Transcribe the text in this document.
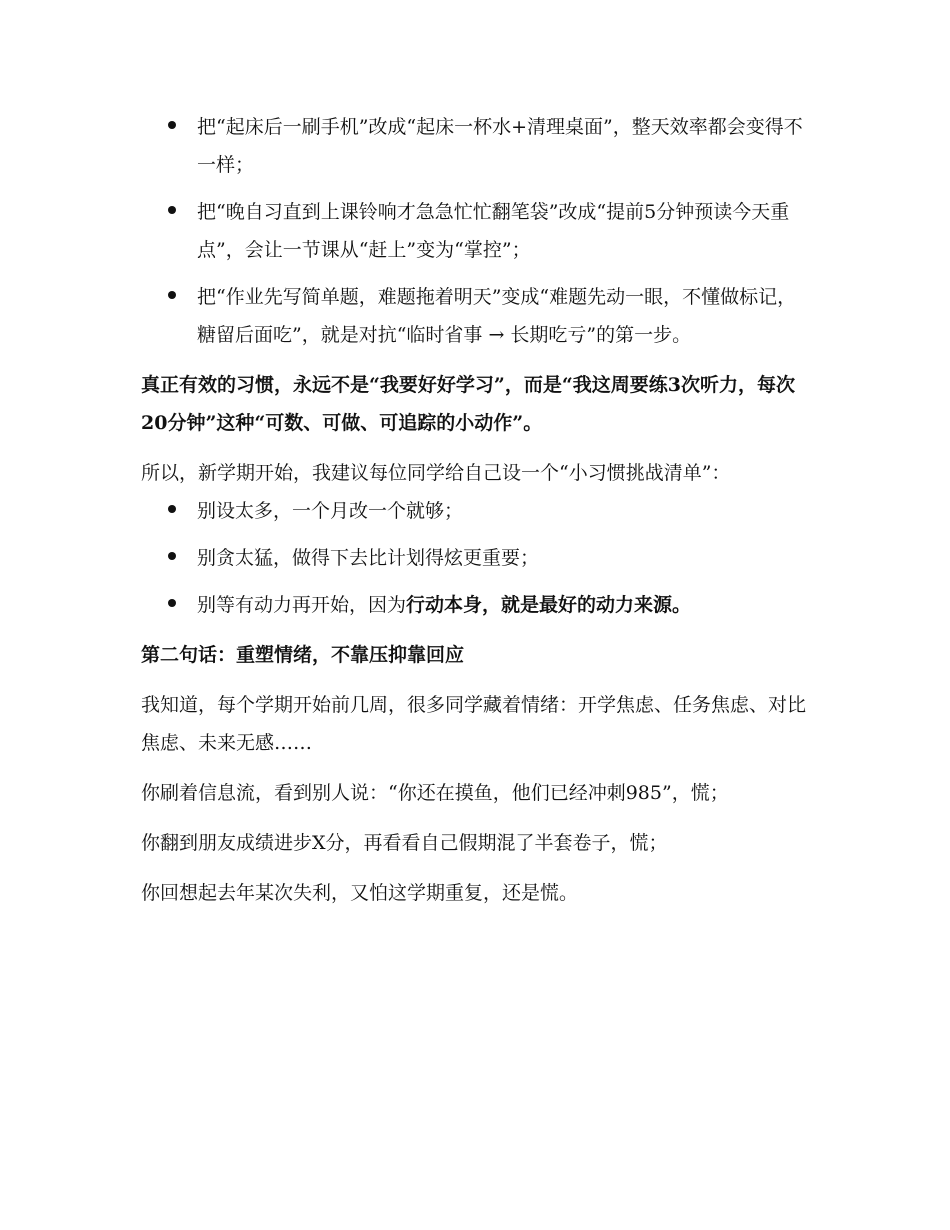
把“起床后一刷手机”改成“起床一杯水+清理桌面”，整天效率都会变得不一样；
把“晚自习直到上课铃响才急急忙忙翻笔袋”改成“提前5分钟预读今天重点”，会让一节课从“赶上”变为“掌控”；
把“作业先写简单题，难题拖着明天”变成“难题先动一眼，不懂做标记，糖留后面吃”，就是对抗“临时省事 → 长期吃亏”的第一步。

真正有效的习惯，永远不是“我要好好学习”，而是“我这周要练3次听力，每次20分钟”这种“可数、可做、可追踪的小动作”。

所以，新学期开始，我建议每位同学给自己设一个“小习惯挑战清单”：

别设太多，一个月改一个就够；
别贪太猛，做得下去比计划得炫更重要；
别等有动力再开始，因为行动本身，就是最好的动力来源。

第二句话：重塑情绪，不靠压抑靠回应

我知道，每个学期开始前几周，很多同学藏着情绪：开学焦虑、任务焦虑、对比焦虑、未来无感……

你刷着信息流，看到别人说：“你还在摸鱼，他们已经冲刺985”，慌；

你翻到朋友成绩进步X分，再看看自己假期混了半套卷子，慌；

你回想起去年某次失利，又怕这学期重复，还是慌。
